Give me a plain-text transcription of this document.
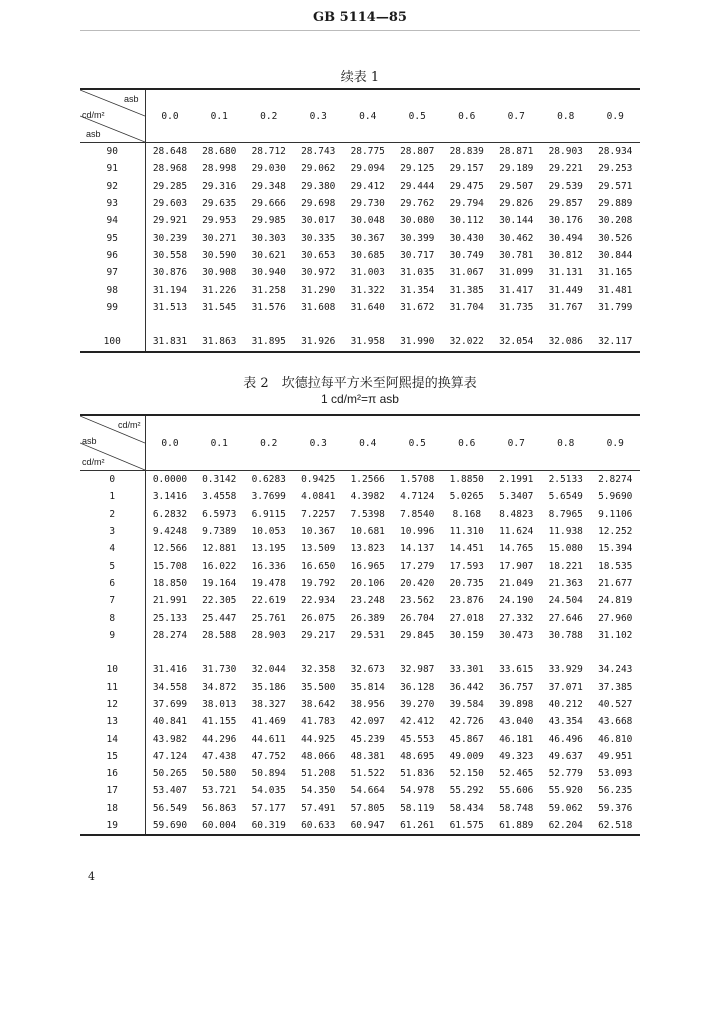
GB 5114—85
续表 1
asb
cd/m²
asb	0.0	0.1	0.2	0.3	0.4	0.5	0.6	0.7	0.8	0.9
90	28.648	28.680	28.712	28.743	28.775	28.807	28.839	28.871	28.903	28.934
91	28.968	28.998	29.030	29.062	29.094	29.125	29.157	29.189	29.221	29.253
92	29.285	29.316	29.348	29.380	29.412	29.444	29.475	29.507	29.539	29.571
93	29.603	29.635	29.666	29.698	29.730	29.762	29.794	29.826	29.857	29.889
94	29.921	29.953	29.985	30.017	30.048	30.080	30.112	30.144	30.176	30.208
95	30.239	30.271	30.303	30.335	30.367	30.399	30.430	30.462	30.494	30.526
96	30.558	30.590	30.621	30.653	30.685	30.717	30.749	30.781	30.812	30.844
97	30.876	30.908	30.940	30.972	31.003	31.035	31.067	31.099	31.131	31.165
98	31.194	31.226	31.258	31.290	31.322	31.354	31.385	31.417	31.449	31.481
99	31.513	31.545	31.576	31.608	31.640	31.672	31.704	31.735	31.767	31.799

100	31.831	31.863	31.895	31.926	31.958	31.990	32.022	32.054	32.086	32.117
表 2　坎德拉每平方米至阿熙提的换算表
1 cd/m²=π asb
cd/m²
asb
cd/m²	0.0	0.1	0.2	0.3	0.4	0.5	0.6	0.7	0.8	0.9
0	0.0000	0.3142	0.6283	0.9425	1.2566	1.5708	1.8850	2.1991	2.5133	2.8274
1	3.1416	3.4558	3.7699	4.0841	4.3982	4.7124	5.0265	5.3407	5.6549	5.9690
2	6.2832	6.5973	6.9115	7.2257	7.5398	7.8540	8.168	8.4823	8.7965	9.1106
3	9.4248	9.7389	10.053	10.367	10.681	10.996	11.310	11.624	11.938	12.252
4	12.566	12.881	13.195	13.509	13.823	14.137	14.451	14.765	15.080	15.394
5	15.708	16.022	16.336	16.650	16.965	17.279	17.593	17.907	18.221	18.535
6	18.850	19.164	19.478	19.792	20.106	20.420	20.735	21.049	21.363	21.677
7	21.991	22.305	22.619	22.934	23.248	23.562	23.876	24.190	24.504	24.819
8	25.133	25.447	25.761	26.075	26.389	26.704	27.018	27.332	27.646	27.960
9	28.274	28.588	28.903	29.217	29.531	29.845	30.159	30.473	30.788	31.102

10	31.416	31.730	32.044	32.358	32.673	32.987	33.301	33.615	33.929	34.243
11	34.558	34.872	35.186	35.500	35.814	36.128	36.442	36.757	37.071	37.385
12	37.699	38.013	38.327	38.642	38.956	39.270	39.584	39.898	40.212	40.527
13	40.841	41.155	41.469	41.783	42.097	42.412	42.726	43.040	43.354	43.668
14	43.982	44.296	44.611	44.925	45.239	45.553	45.867	46.181	46.496	46.810
15	47.124	47.438	47.752	48.066	48.381	48.695	49.009	49.323	49.637	49.951
16	50.265	50.580	50.894	51.208	51.522	51.836	52.150	52.465	52.779	53.093
17	53.407	53.721	54.035	54.350	54.664	54.978	55.292	55.606	55.920	56.235
18	56.549	56.863	57.177	57.491	57.805	58.119	58.434	58.748	59.062	59.376
19	59.690	60.004	60.319	60.633	60.947	61.261	61.575	61.889	62.204	62.518
4
